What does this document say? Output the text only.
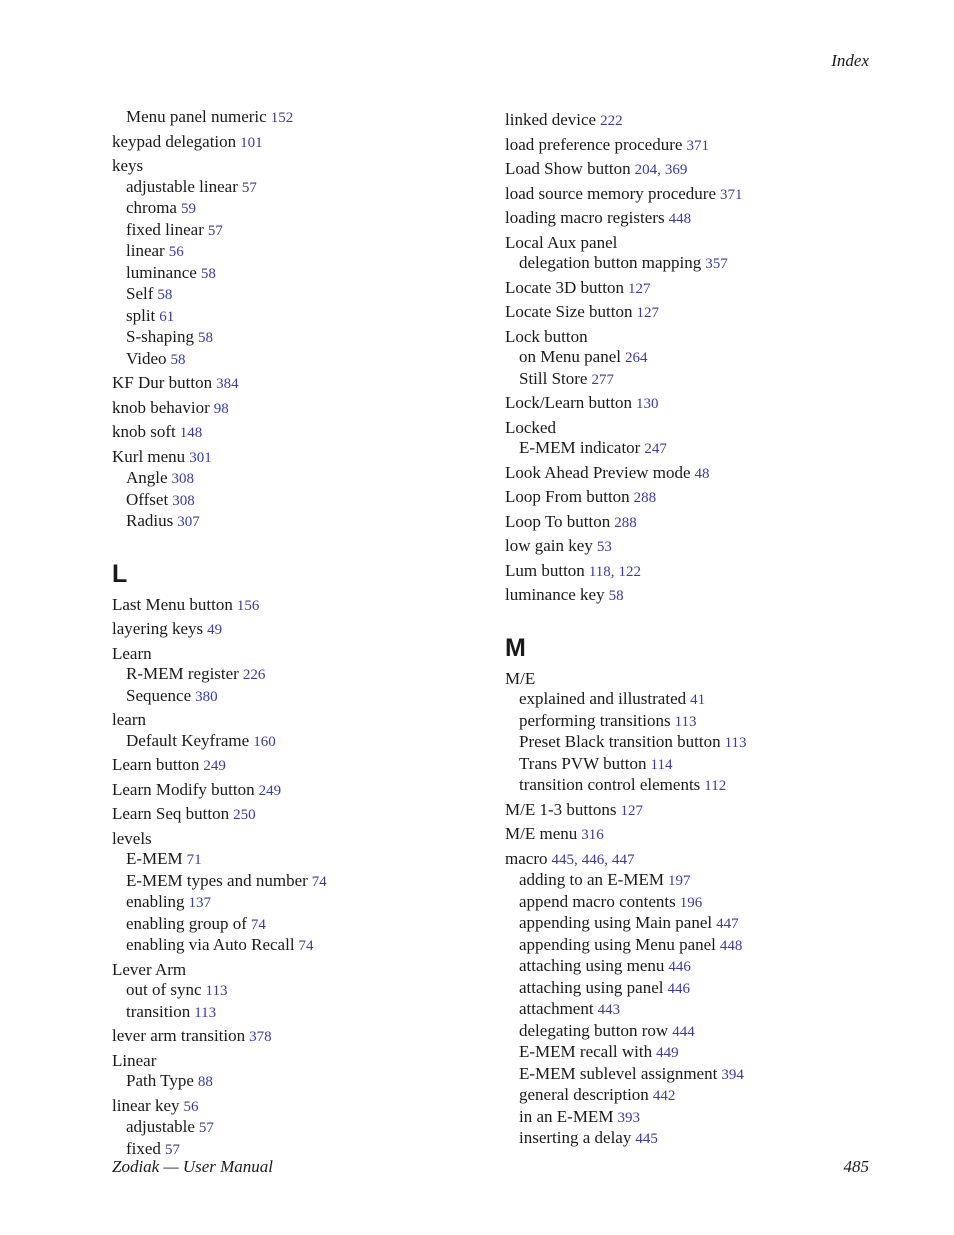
Index
Menu panel numeric 152
keypad delegation 101
keys
adjustable linear 57
chroma 59
fixed linear 57
linear 56
luminance 58
Self 58
split 61
S-shaping 58
Video 58
KF Dur button 384
knob behavior 98
knob soft 148
Kurl menu 301
Angle 308
Offset 308
Radius 307
L
Last Menu button 156
layering keys 49
Learn
R-MEM register 226
Sequence 380
learn
Default Keyframe 160
Learn button 249
Learn Modify button 249
Learn Seq button 250
levels
E-MEM 71
E-MEM types and number 74
enabling 137
enabling group of 74
enabling via Auto Recall 74
Lever Arm
out of sync 113
transition 113
lever arm transition 378
Linear
Path Type 88
linear key 56
adjustable 57
fixed 57
linked device 222
load preference procedure 371
Load Show button 204, 369
load source memory procedure 371
loading macro registers 448
Local Aux panel
delegation button mapping 357
Locate 3D button 127
Locate Size button 127
Lock button
on Menu panel 264
Still Store 277
Lock/Learn button 130
Locked
E-MEM indicator 247
Look Ahead Preview mode 48
Loop From button 288
Loop To button 288
low gain key 53
Lum button 118, 122
luminance key 58
M
M/E
explained and illustrated 41
performing transitions 113
Preset Black transition button 113
Trans PVW button 114
transition control elements 112
M/E 1-3 buttons 127
M/E menu 316
macro 445, 446, 447
adding to an E-MEM 197
append macro contents 196
appending using Main panel 447
appending using Menu panel 448
attaching using menu 446
attaching using panel 446
attachment 443
delegating button row 444
E-MEM recall with 449
E-MEM sublevel assignment 394
general description 442
in an E-MEM 393
inserting a delay 445
Zodiak — User Manual	485
